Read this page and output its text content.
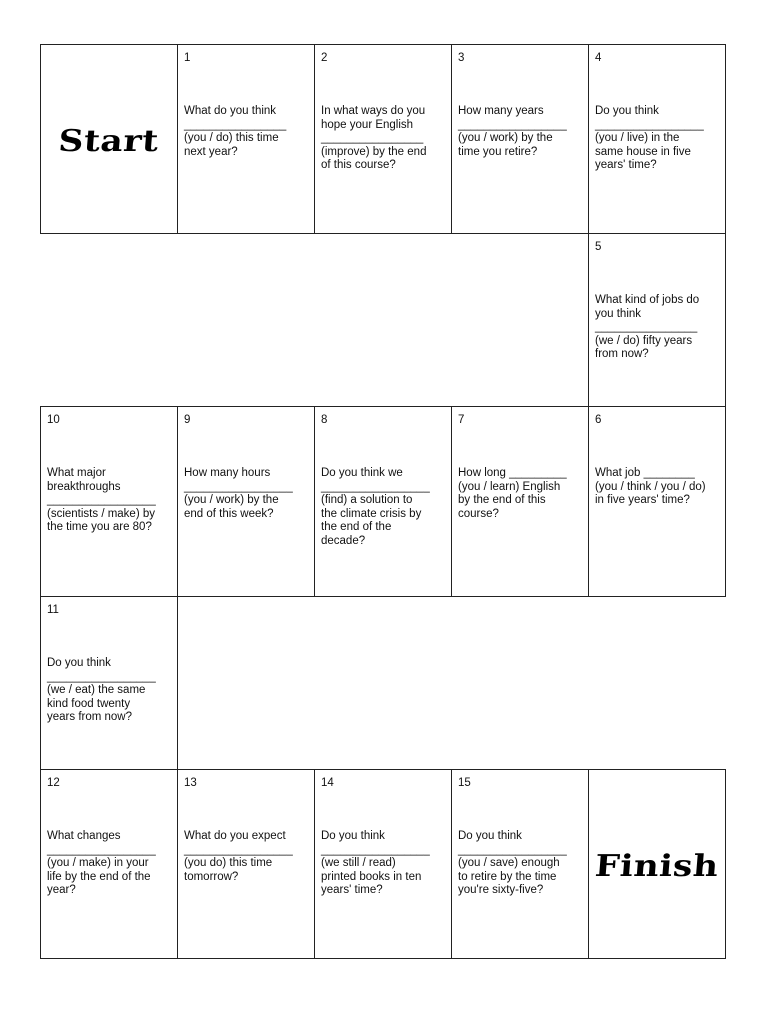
Start
1
What do you think
________________
(you / do) this time
next year?
2
In what ways do you
hope your English
________________
(improve) by the end
of this course?
3
How many years
_________________
(you / work) by the
time you retire?
4
Do you think
_________________
(you / live) in the
same house in five
years' time?
5
What kind of jobs do
you think
________________
(we / do) fifty years
from now?
10
What major
breakthroughs
_________________
(scientists / make) by
the time you are 80?
9
How many hours
_________________
(you / work) by the
end of this week?
8
Do you think we
_________________
(find) a solution to
the climate crisis by
the end of the
decade?
7
How long _________
(you / learn) English
by the end of this
course?
6
What job ________
(you / think / you / do)
in five years' time?
11
Do you think
_________________
(we / eat) the same
kind food twenty
years from now?
12
What changes
_________________
(you / make) in your
life by the end of the
year?
13
What do you expect
_________________
(you do) this time
tomorrow?
14
Do you think
_________________
(we still / read)
printed books in ten
years' time?
15
Do you think
_________________
(you / save) enough
to retire by the time
you're sixty-five?
Finish
